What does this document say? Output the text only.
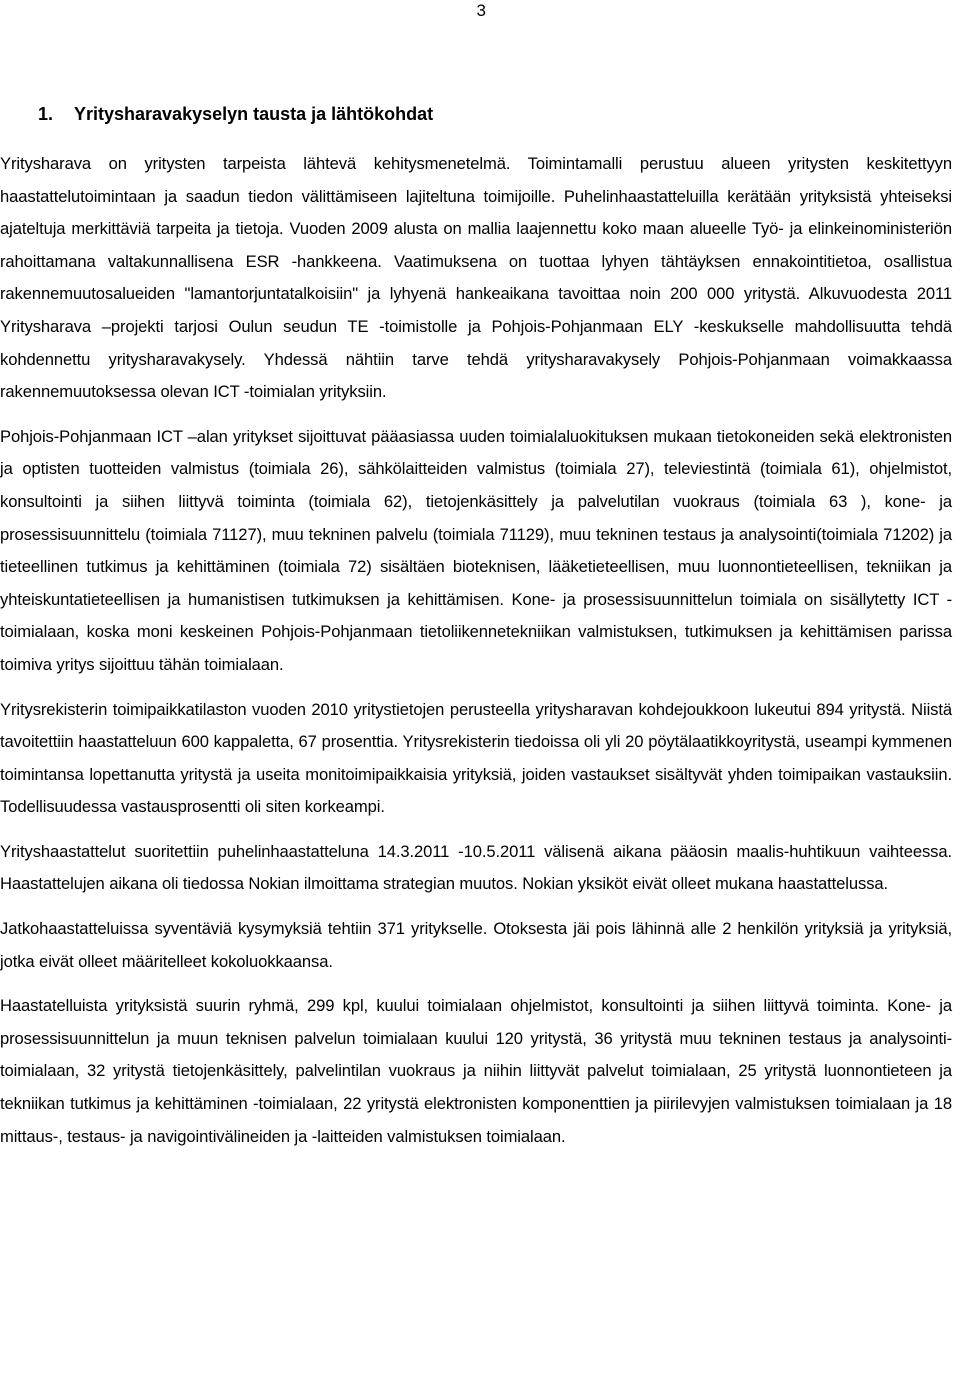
3
1. Yritysharavakyselyn tausta ja lähtökohdat

Yritysharava on yritysten tarpeista lähtevä kehitysmenetelmä. Toimintamalli perustuu alueen yritysten keskitettyyn haastattelutoimintaan ja saadun tiedon välittämiseen lajiteltuna toimijoille. Puhelinhaastatteluilla kerätään yrityksistä yhteiseksi ajateltuja merkittäviä tarpeita ja tietoja. Vuoden 2009 alusta on mallia laajennettu koko maan alueelle Työ- ja elinkeinoministeriön rahoittamana valtakunnallisena ESR -hankkeena. Vaatimuksena on tuottaa lyhyen tähtäyksen ennakointitietoa, osallistua rakennemuutosalueiden "lamantorjuntatalkoisiin" ja lyhyenä hankeaikana tavoittaa noin 200 000 yritystä. Alkuvuodesta 2011 Yritysharava –projekti tarjosi Oulun seudun TE -toimistolle ja Pohjois-Pohjanmaan ELY -keskukselle mahdollisuutta tehdä kohdennettu yritysharavakysely. Yhdessä nähtiin tarve tehdä yritysharavakysely Pohjois-Pohjanmaan voimakkaassa rakennemuutoksessa olevan ICT -toimialan yrityksiin.

Pohjois-Pohjanmaan ICT –alan yritykset sijoittuvat pääasiassa uuden toimialaluokituksen mukaan tietokoneiden sekä elektronisten ja optisten tuotteiden valmistus (toimiala 26), sähkölaitteiden valmistus (toimiala 27), televiestintä (toimiala 61), ohjelmistot, konsultointi ja siihen liittyvä toiminta (toimiala 62), tietojenkäsittely ja palvelutilan vuokraus (toimiala 63 ), kone- ja prosessisuunnittelu (toimiala 71127), muu tekninen palvelu (toimiala 71129), muu tekninen testaus ja analysointi(toimiala 71202) ja tieteellinen tutkimus ja kehittäminen (toimiala 72) sisältäen bioteknisen, lääketieteellisen, muu luonnontieteellisen, tekniikan ja yhteiskuntatieteellisen ja humanistisen tutkimuksen ja kehittämisen. Kone- ja prosessisuunnittelun toimiala on sisällytetty ICT -toimialaan, koska moni keskeinen Pohjois-Pohjanmaan tietoliikennetekniikan valmistuksen, tutkimuksen ja kehittämisen parissa toimiva yritys sijoittuu tähän toimialaan.

Yritysrekisterin toimipaikkatilaston vuoden 2010 yritystietojen perusteella yritysharavan kohdejoukkoon lukeutui 894 yritystä. Niistä tavoitettiin haastatteluun 600 kappaletta, 67 prosenttia. Yritysrekisterin tiedoissa oli yli 20 pöytälaatikkoyritystä, useampi kymmenen toimintansa lopettanutta yritystä ja useita monitoimipaikkaisia yrityksiä, joiden vastaukset sisältyvät yhden toimipaikan vastauksiin. Todellisuudessa vastausprosentti oli siten korkeampi.

Yrityshaastattelut suoritettiin puhelinhaastatteluna 14.3.2011 -10.5.2011 välisenä aikana pääosin maalis-huhtikuun vaihteessa. Haastattelujen aikana oli tiedossa Nokian ilmoittama strategian muutos. Nokian yksiköt eivät olleet mukana haastattelussa.

Jatkohaastatteluissa syventäviä kysymyksiä tehtiin 371 yritykselle. Otoksesta jäi pois lähinnä alle 2 henkilön yrityksiä ja yrityksiä, jotka eivät olleet määritelleet kokoluokkaansa.

Haastatelluista yrityksistä suurin ryhmä, 299 kpl, kuului toimialaan ohjelmistot, konsultointi ja siihen liittyvä toiminta. Kone- ja prosessisuunnittelun ja muun teknisen palvelun toimialaan kuului 120 yritystä, 36 yritystä muu tekninen testaus ja analysointi- toimialaan, 32 yritystä tietojenkäsittely, palvelintilan vuokraus ja niihin liittyvät palvelut toimialaan, 25 yritystä luonnontieteen ja tekniikan tutkimus ja kehittäminen -toimialaan, 22 yritystä elektronisten komponenttien ja piirilevyjen valmistuksen toimialaan ja 18 mittaus-, testaus- ja navigointivälineiden ja -laitteiden valmistuksen toimialaan.
